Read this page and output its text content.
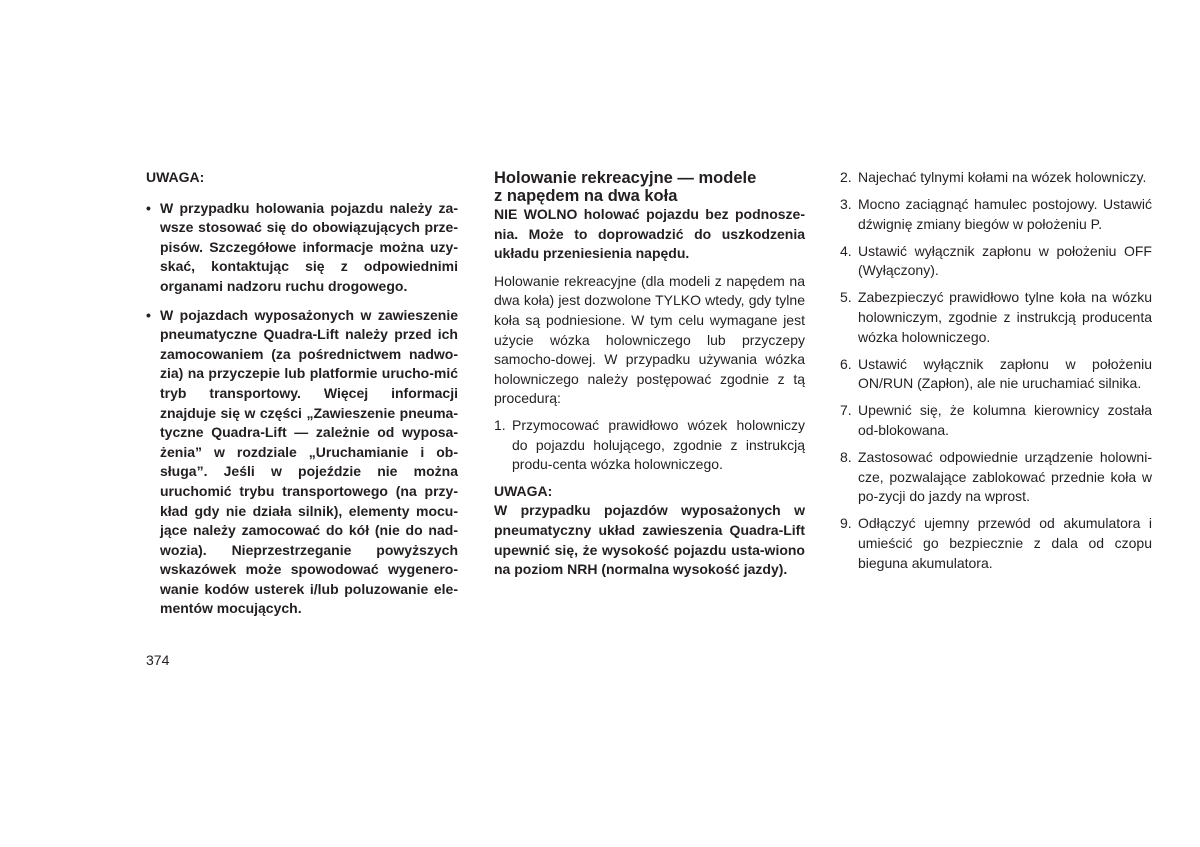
UWAGA:
• W przypadku holowania pojazdu należy za-wsze stosować się do obowiązujących prze-pisów. Szczegółowe informacje można uzy-skać, kontaktując się z odpowiednimi organami nadzoru ruchu drogowego.
• W pojazdach wyposażonych w zawieszenie pneumatyczne Quadra-Lift należy przed ich zamocowaniem (za pośrednictwem nadwo-zia) na przyczepie lub platformie urucho-mić tryb transportowy. Więcej informacji znajduje się w części „Zawieszenie pneuma-tyczne Quadra-Lift — zależnie od wyposa-żenia” w rozdziale „Uruchamianie i ob-sługa”. Jeśli w pojeździe nie można uruchomić trybu transportowego (na przy-kład gdy nie działa silnik), elementy mocu-jące należy zamocować do kół (nie do nad-wozia). Nieprzestrzeganie powyższych wskazówek może spowodować wygenero-wanie kodów usterek i/lub poluzowanie ele-mentów mocujących.
Holowanie rekreacyjne — modele
z napędem na dwa koła
NIE WOLNO holować pojazdu bez podnosze-nia. Może to doprowadzić do uszkodzenia układu przeniesienia napędu.
Holowanie rekreacyjne (dla modeli z napędem na dwa koła) jest dozwolone TYLKO wtedy, gdy tylne koła są podniesione. W tym celu wymagane jest użycie wózka holowniczego lub przyczepy samocho-dowej. W przypadku używania wózka holowniczego należy postępować zgodnie z tą procedurą:
1. Przymocować prawidłowo wózek holowniczy do pojazdu holującego, zgodnie z instrukcją produ-centa wózka holowniczego.
UWAGA:
W przypadku pojazdów wyposażonych w pneumatyczny układ zawieszenia Quadra-Lift upewnić się, że wysokość pojazdu usta-wiono na poziom NRH (normalna wysokość jazdy).
2. Najechać tylnymi kołami na wózek holowniczy.
3. Mocno zaciągnąć hamulec postojowy. Ustawić dźwignię zmiany biegów w położeniu P.
4. Ustawić wyłącznik zapłonu w położeniu OFF (Wyłączony).
5. Zabezpieczyć prawidłowo tylne koła na wózku holowniczym, zgodnie z instrukcją producenta wózka holowniczego.
6. Ustawić wyłącznik zapłonu w położeniu ON/RUN (Zapłon), ale nie uruchamiać silnika.
7. Upewnić się, że kolumna kierownicy została od-blokowana.
8. Zastosować odpowiednie urządzenie holowni-cze, pozwalające zablokować przednie koła w po-zycji do jazdy na wprost.
9. Odłączyć ujemny przewód od akumulatora i umieścić go bezpiecznie z dala od czopu bieguna akumulatora.
374
